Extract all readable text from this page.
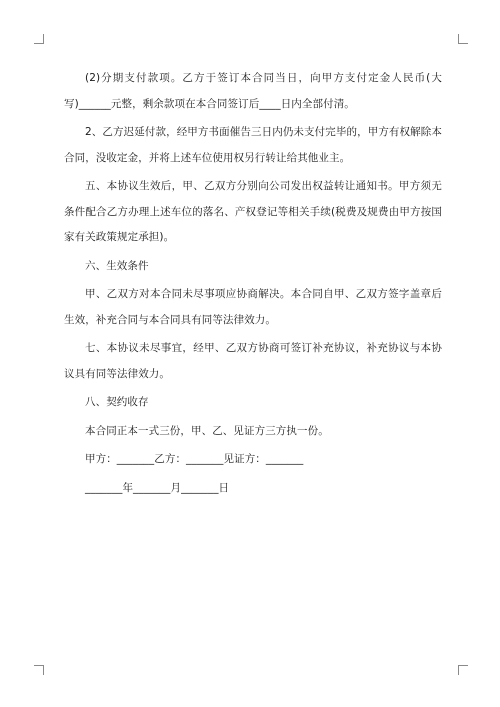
(2)分期支付款项。乙方于签订本合同当日，向甲方支付定金人民币(大写)______元整，剩余款项在本合同签订后____日内全部付清。

2、乙方迟延付款，经甲方书面催告三日内仍未支付完毕的，甲方有权解除本合同，没收定金，并将上述车位使用权另行转让给其他业主。

五、本协议生效后，甲、乙双方分别向公司发出权益转让通知书。甲方须无条件配合乙方办理上述车位的落名、产权登记等相关手续(税费及规费由甲方按国家有关政策规定承担)。

六、生效条件

甲、乙双方对本合同未尽事项应协商解决。本合同自甲、乙双方签字盖章后生效，补充合同与本合同具有同等法律效力。

七、本协议未尽事宜，经甲、乙双方协商可签订补充协议，补充协议与本协议具有同等法律效力。

八、契约收存

本合同正本一式三份，甲、乙、见证方三方执一份。

甲方：_______乙方：_______见证方：_______

_______年_______月_______日
